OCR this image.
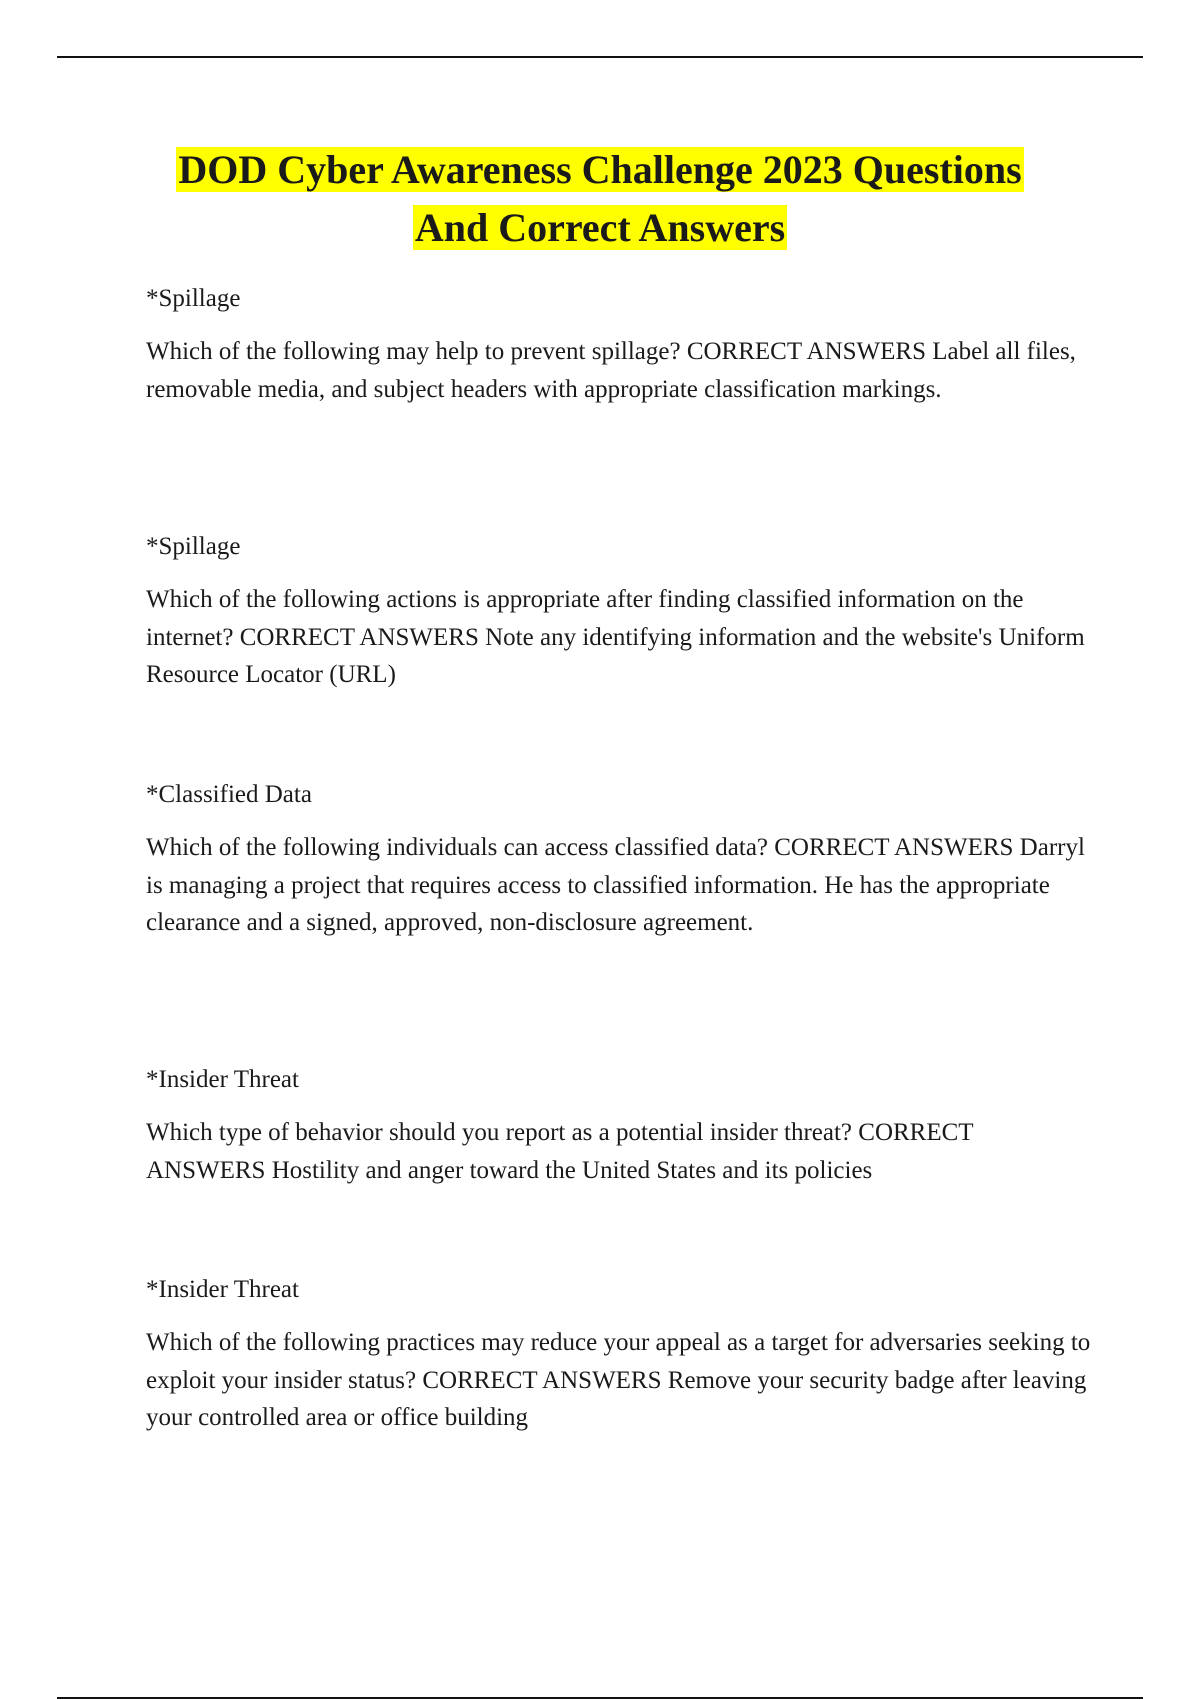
DOD Cyber Awareness Challenge 2023 Questions
And Correct Answers

*Spillage

Which of the following may help to prevent spillage? CORRECT ANSWERS Label all files, removable media, and subject headers with appropriate classification markings.

*Spillage

Which of the following actions is appropriate after finding classified information on the internet? CORRECT ANSWERS Note any identifying information and the website's Uniform Resource Locator (URL)

*Classified Data

Which of the following individuals can access classified data? CORRECT ANSWERS Darryl is managing a project that requires access to classified information. He has the appropriate clearance and a signed, approved, non-disclosure agreement.

*Insider Threat

Which type of behavior should you report as a potential insider threat? CORRECT ANSWERS Hostility and anger toward the United States and its policies

*Insider Threat

Which of the following practices may reduce your appeal as a target for adversaries seeking to exploit your insider status? CORRECT ANSWERS Remove your security badge after leaving your controlled area or office building
